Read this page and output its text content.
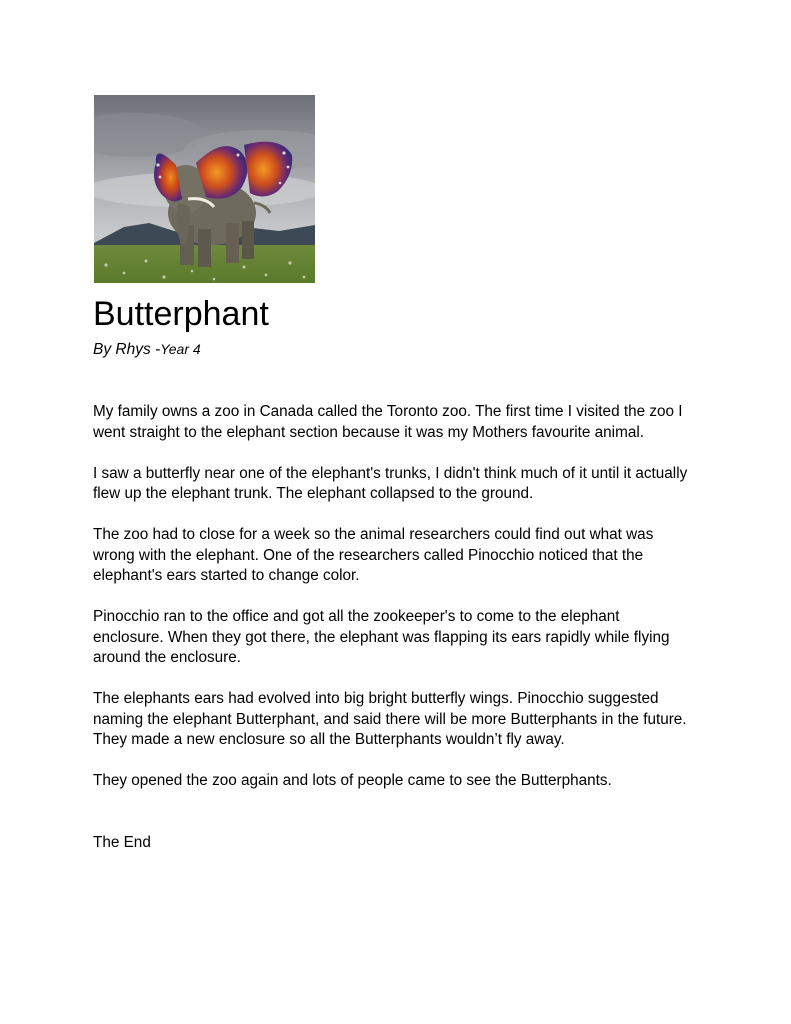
Butterphant

By Rhys -Year 4

My family owns a zoo in Canada called the Toronto zoo. The first time I visited the zoo I
went straight to the elephant section because it was my Mothers favourite animal.

I saw a butterfly near one of the elephant's trunks, I didn't think much of it until it actually
flew up the elephant trunk. The elephant collapsed to the ground.

The zoo had to close for a week so the animal researchers could find out what was
wrong with the elephant. One of the researchers called Pinocchio noticed that the
elephant's ears started to change color.

Pinocchio ran to the office and got all the zookeeper's to come to the elephant
enclosure. When they got there, the elephant was flapping its ears rapidly while flying
around the enclosure.

The elephants ears had evolved into big bright butterfly wings. Pinocchio suggested
naming the elephant Butterphant, and said there will be more Butterphants in the future.
They made a new enclosure so all the Butterphants wouldn’t fly away.

They opened the zoo again and lots of people came to see the Butterphants.

The End
